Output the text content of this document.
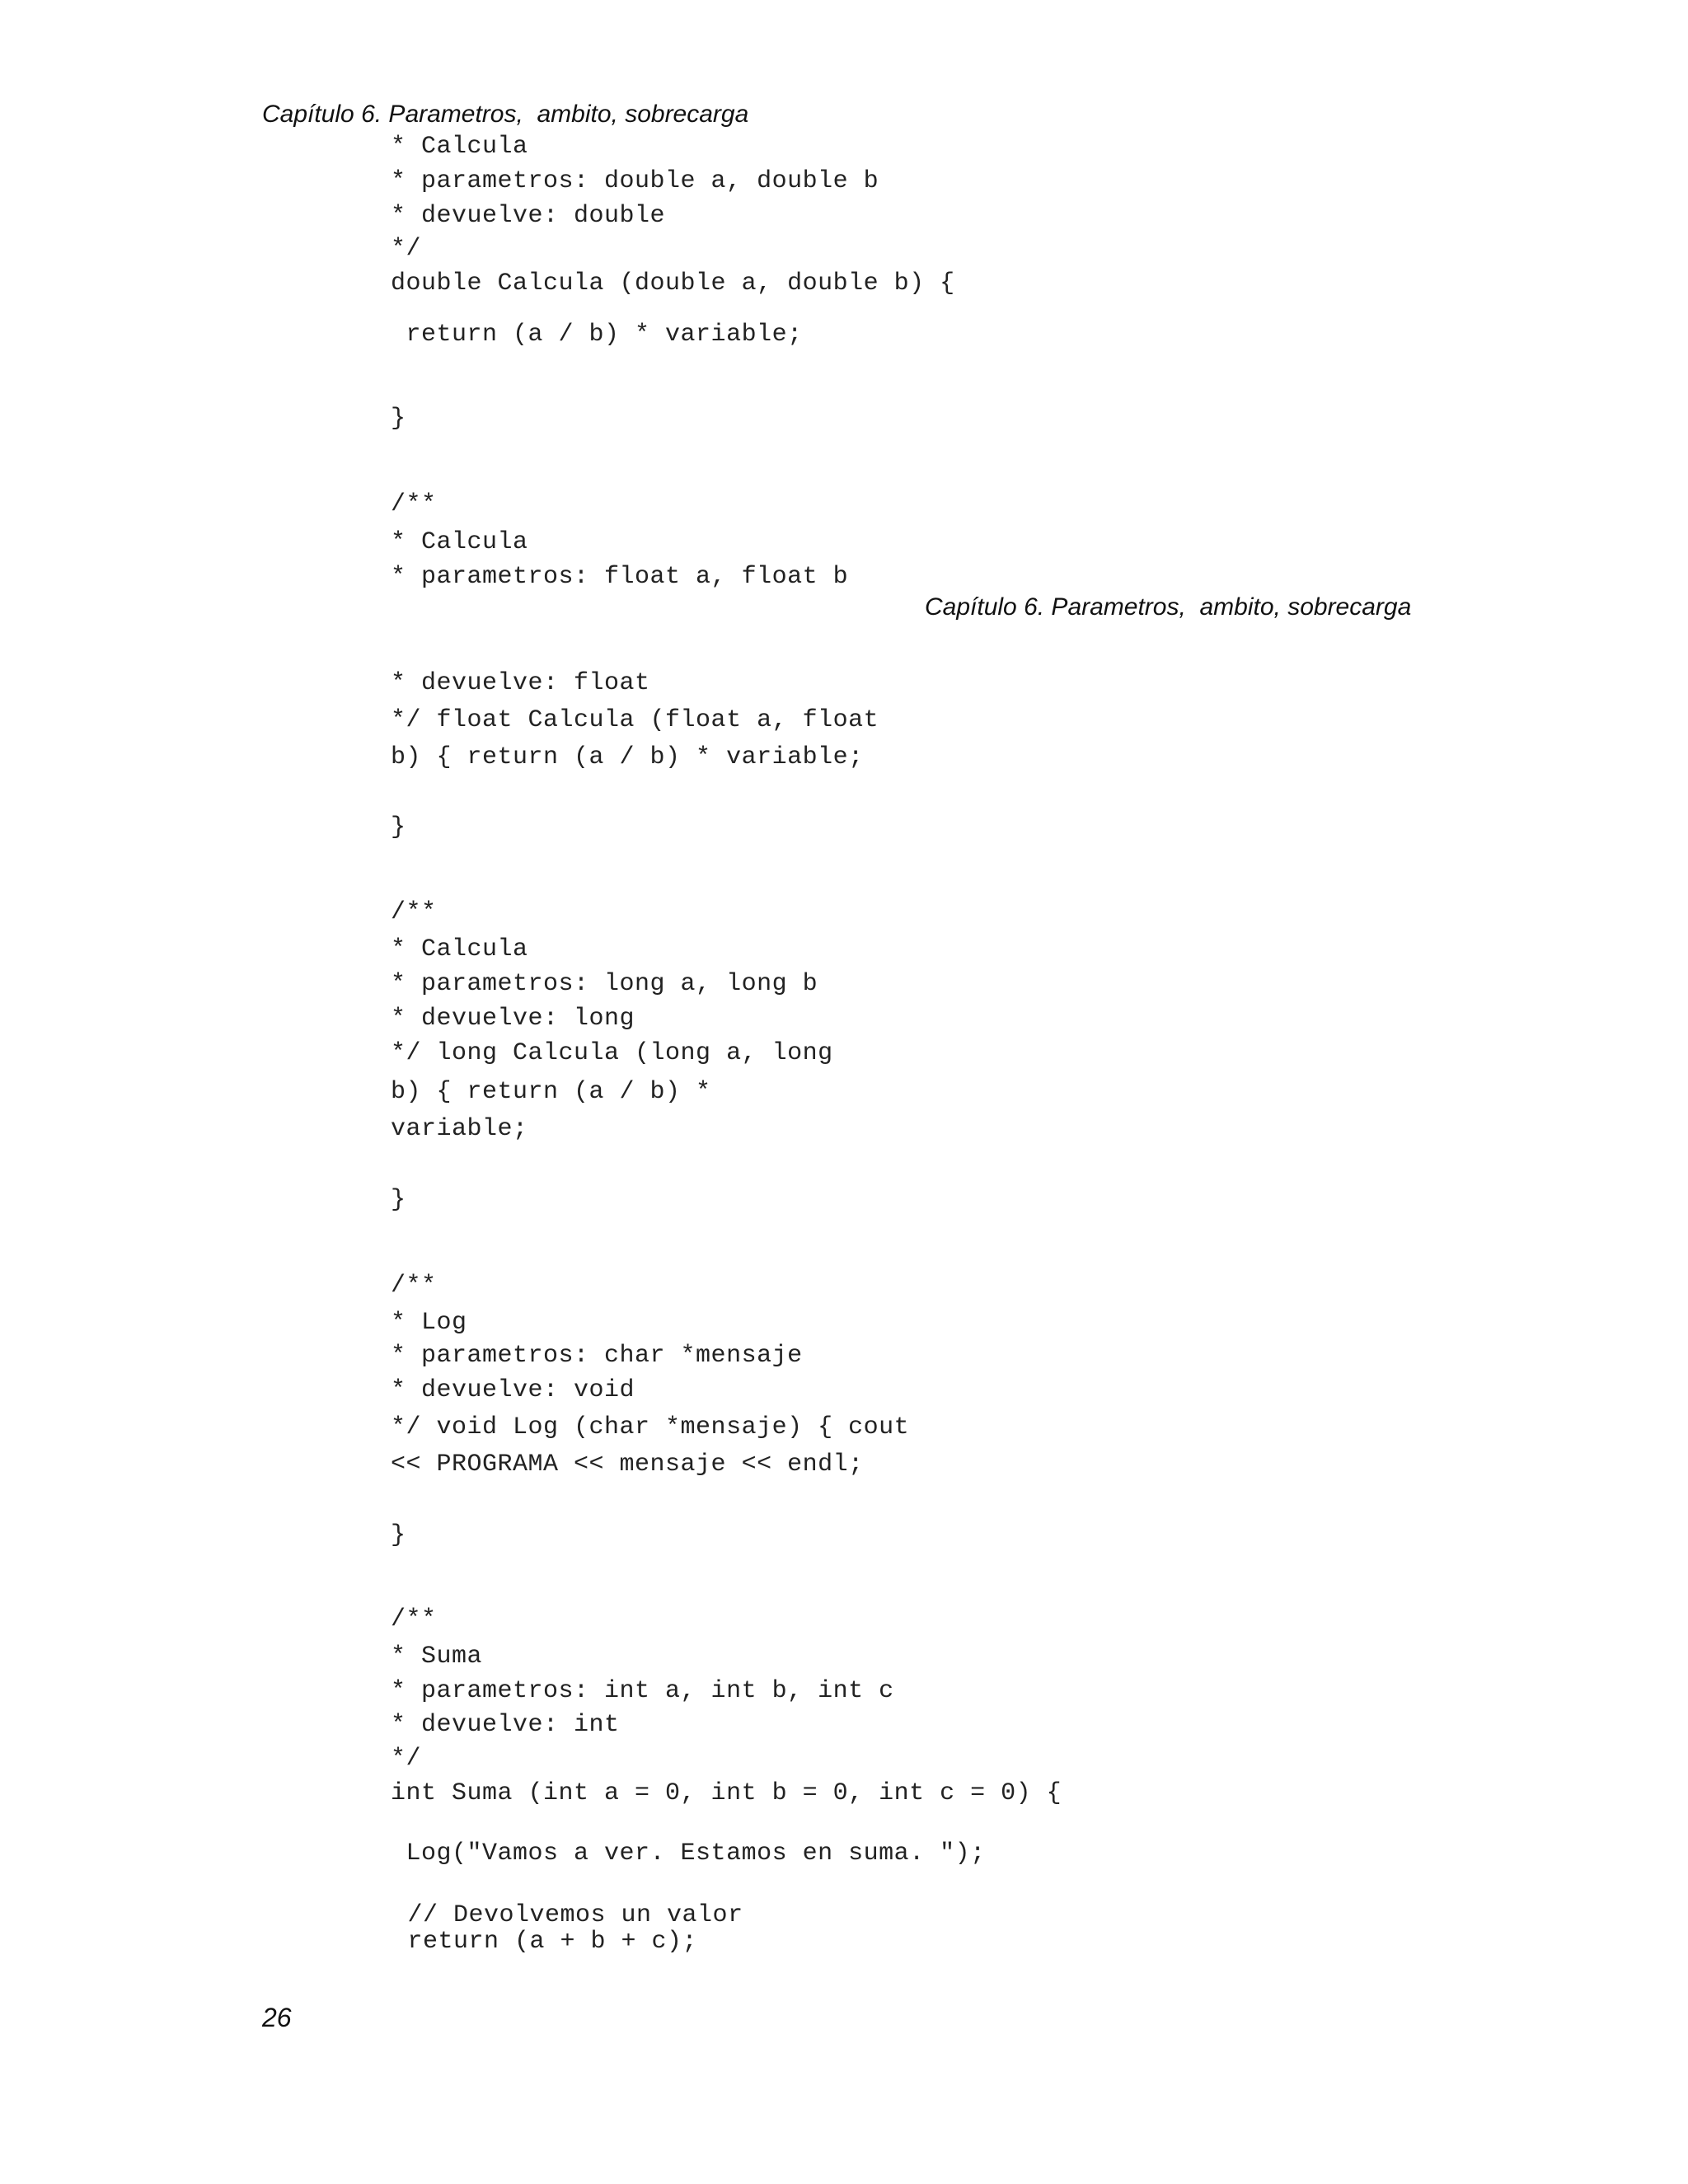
Capítulo 6. Parametros,  ambito, sobrecarga
Capítulo 6. Parametros,  ambito, sobrecarga
* Calcula
* parametros: double a, double b
* devuelve: double
*/
double Calcula (double a, double b) {
return (a / b) * variable;
}
/**
* Calcula
* parametros: float a, float b
* devuelve: float
*/ float Calcula (float a, float
b) { return (a / b) * variable;
}
/**
* Calcula
* parametros: long a, long b
* devuelve: long
*/ long Calcula (long a, long
b) { return (a / b) *
variable;
}
/**
* Log
* parametros: char *mensaje
* devuelve: void
*/ void Log (char *mensaje) { cout
<< PROGRAMA << mensaje << endl;
}
/**
* Suma
* parametros: int a, int b, int c
* devuelve: int
*/
int Suma (int a = 0, int b = 0, int c = 0) {
Log("Vamos a ver. Estamos en suma. ");
// Devolvemos un valor
return (a + b + c);
26
